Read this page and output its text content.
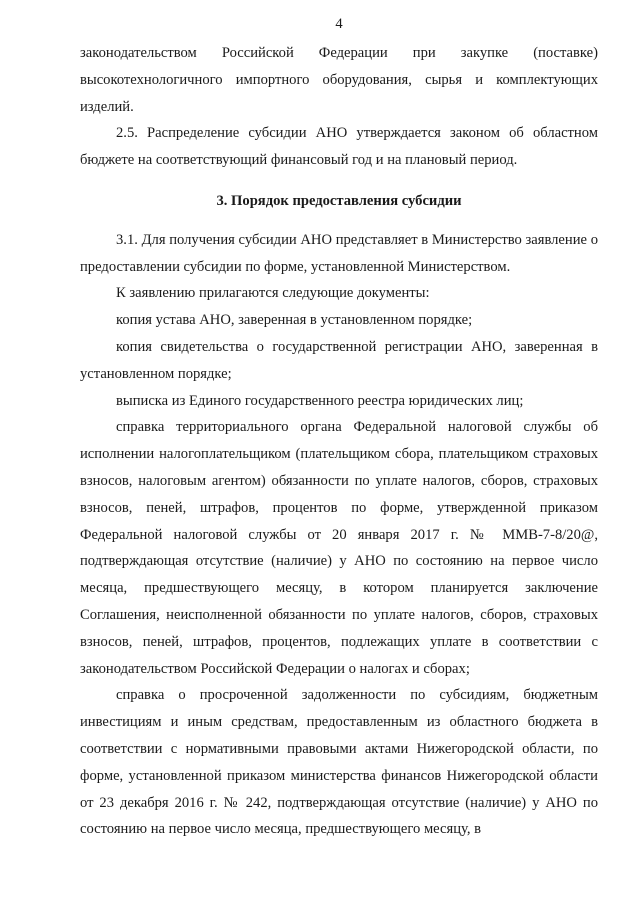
4

законодательством Российской Федерации при закупке (поставке) высокотехнологичного импортного оборудования, сырья и комплектующих изделий.

2.5. Распределение субсидии АНО утверждается законом об областном бюджете на соответствующий финансовый год и на плановый период.

3. Порядок предоставления субсидии

3.1. Для получения субсидии АНО представляет в Министерство заявление о предоставлении субсидии по форме, установленной Министерством.

К заявлению прилагаются следующие документы:

копия устава АНО, заверенная в установленном порядке;

копия свидетельства о государственной регистрации АНО, заверенная в установленном порядке;

выписка из Единого государственного реестра юридических лиц;

справка территориального органа Федеральной налоговой службы об исполнении налогоплательщиком (плательщиком сбора, плательщиком страховых взносов, налоговым агентом) обязанности по уплате налогов, сборов, страховых взносов, пеней, штрафов, процентов по форме, утвержденной приказом Федеральной налоговой службы от 20 января 2017 г. № ММВ-7-8/20@, подтверждающая отсутствие (наличие) у АНО по состоянию на первое число месяца, предшествующего месяцу, в котором планируется заключение Соглашения, неисполненной обязанности по уплате налогов, сборов, страховых взносов, пеней, штрафов, процентов, подлежащих уплате в соответствии с законодательством Российской Федерации о налогах и сборах;

справка о просроченной задолженности по субсидиям, бюджетным инвестициям и иным средствам, предоставленным из областного бюджета в соответствии с нормативными правовыми актами Нижегородской области, по форме, установленной приказом министерства финансов Нижегородской области от 23 декабря 2016 г. № 242, подтверждающая отсутствие (наличие) у АНО по состоянию на первое число месяца, предшествующего месяцу, в
